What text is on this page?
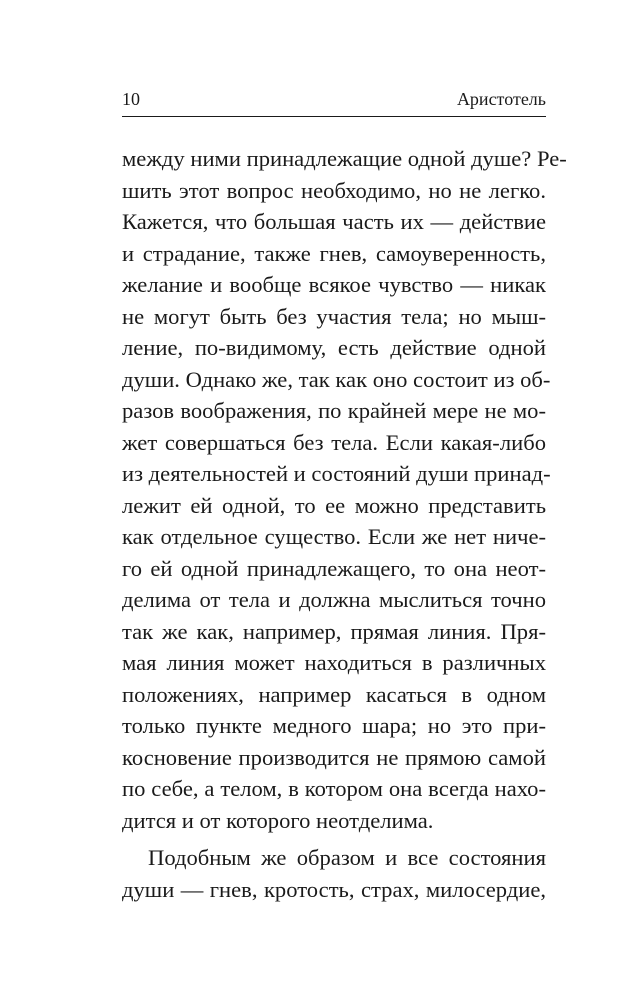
10	Аристотель
между ними принадлежащие одной душе? Ре-
шить этот вопрос необходимо, но не легко.
Кажется, что большая часть их — действие
и страдание, также гнев, самоуверенность,
желание и вообще всякое чувство — никак
не могут быть без участия тела; но мыш-
ление, по-видимому, есть действие одной
души. Однако же, так как оно состоит из об-
разов воображения, по крайней мере не мо-
жет совершаться без тела. Если какая-либо
из деятельностей и состояний души принад-
лежит ей одной, то ее можно представить
как отдельное существо. Если же нет ниче-
го ей одной принадлежащего, то она неот-
делима от тела и должна мыслиться точно
так же как, например, прямая линия. Пря-
мая линия может находиться в различных
положениях, например касаться в одном
только пункте медного шара; но это при-
косновение производится не прямою самой
по себе, а телом, в котором она всегда нахо-
дится и от которого неотделима.
Подобным же образом и все состояния
души — гнев, кротость, страх, милосердие,
